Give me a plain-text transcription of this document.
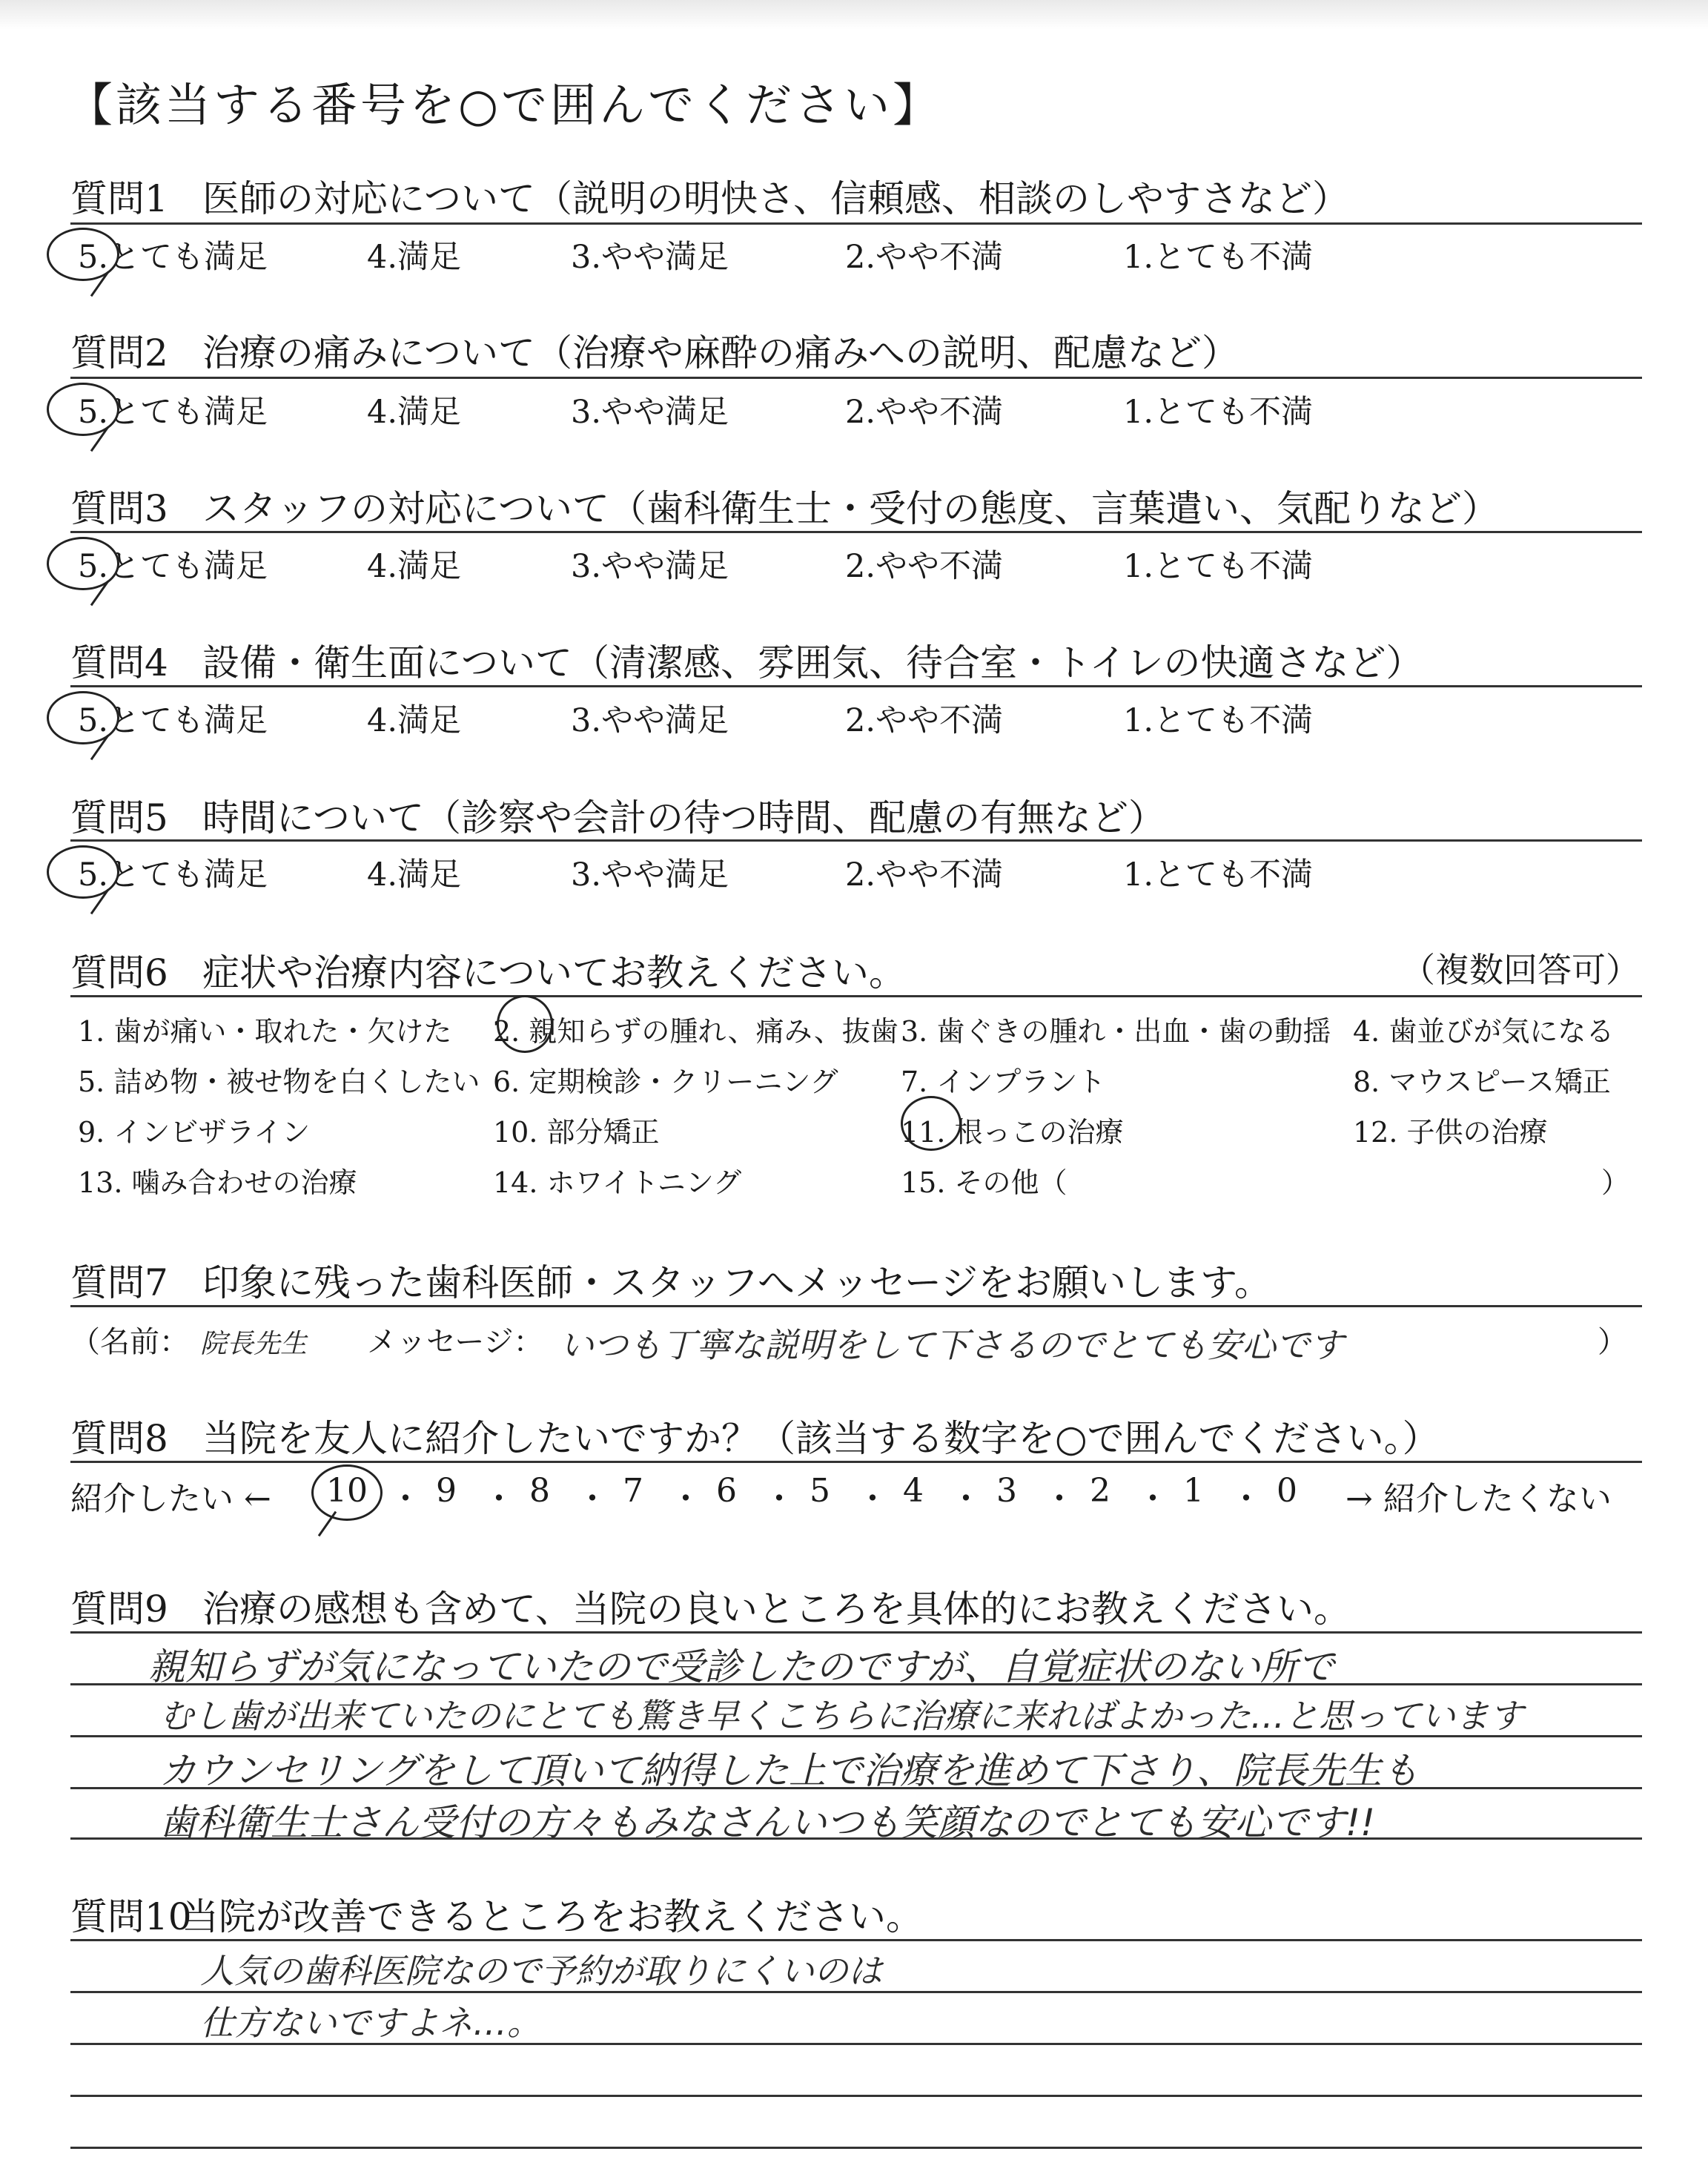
【該当する番号を○で囲んでください】
質問1 医師の対応について（説明の明快さ、信頼感、相談のしやすさなど）
5.とても満足	4.満足	3.やや満足	2.やや不満	1.とても不満
質問2 治療の痛みについて（治療や麻酔の痛みへの説明、配慮など）
5.とても満足	4.満足	3.やや満足	2.やや不満	1.とても不満
質問3 スタッフの対応について（歯科衛生士・受付の態度、言葉遣い、気配りなど）
5.とても満足	4.満足	3.やや満足	2.やや不満	1.とても不満
質問4 設備・衛生面について（清潔感、雰囲気、待合室・トイレの快適さなど）
5.とても満足	4.満足	3.やや満足	2.やや不満	1.とても不満
質問5 時間について（診察や会計の待つ時間、配慮の有無など）
5.とても満足	4.満足	3.やや満足	2.やや不満	1.とても不満
質問6 症状や治療内容についてお教えください。	（複数回答可）
1. 歯が痛い・取れた・欠けた 2. 親知らずの腫れ、痛み、抜歯 3. 歯ぐきの腫れ・出血・歯の動揺 4. 歯並びが気になる
5. 詰め物・被せ物を白くしたい 6. 定期検診・クリーニング 7. インプラント	8. マウスピース矯正
9. インビザライン	10. 部分矯正	11. 根っこの治療	12. 子供の治療
13. 噛み合わせの治療	14. ホワイトニング	15. その他（	）
質問7 印象に残った歯科医師・スタッフへメッセージをお願いします。
（名前： 院長先生 メッセージ： いつも丁寧な説明をして下さるのでとても安心です	）
質問8 当院を友人に紹介したいですか？（該当する数字を○で囲んでください。）
紹介したい ← 10 ・ 9 ・ 8 ・ 7 ・ 6 ・ 5 ・ 4 ・ 3 ・ 2 ・ 1 ・ 0 → 紹介したくない
質問9 治療の感想も含めて、当院の良いところを具体的にお教えください。
親知らずが気になっていたので受診したのですが、自覚症状のない所で
むし歯が出来ていたのにとても驚き早くこちらに治療に来ればよかった…と思っています
カウンセリングをして頂いて納得した上で治療を進めて下さり、院長先生も
歯科衛生士さん受付の方々もみなさんいつも笑顔なのでとても安心です!!
質問10当院が改善できるところをお教えください。
人気の歯科医院なので予約が取りにくいのは
仕方ないですよネ…。
